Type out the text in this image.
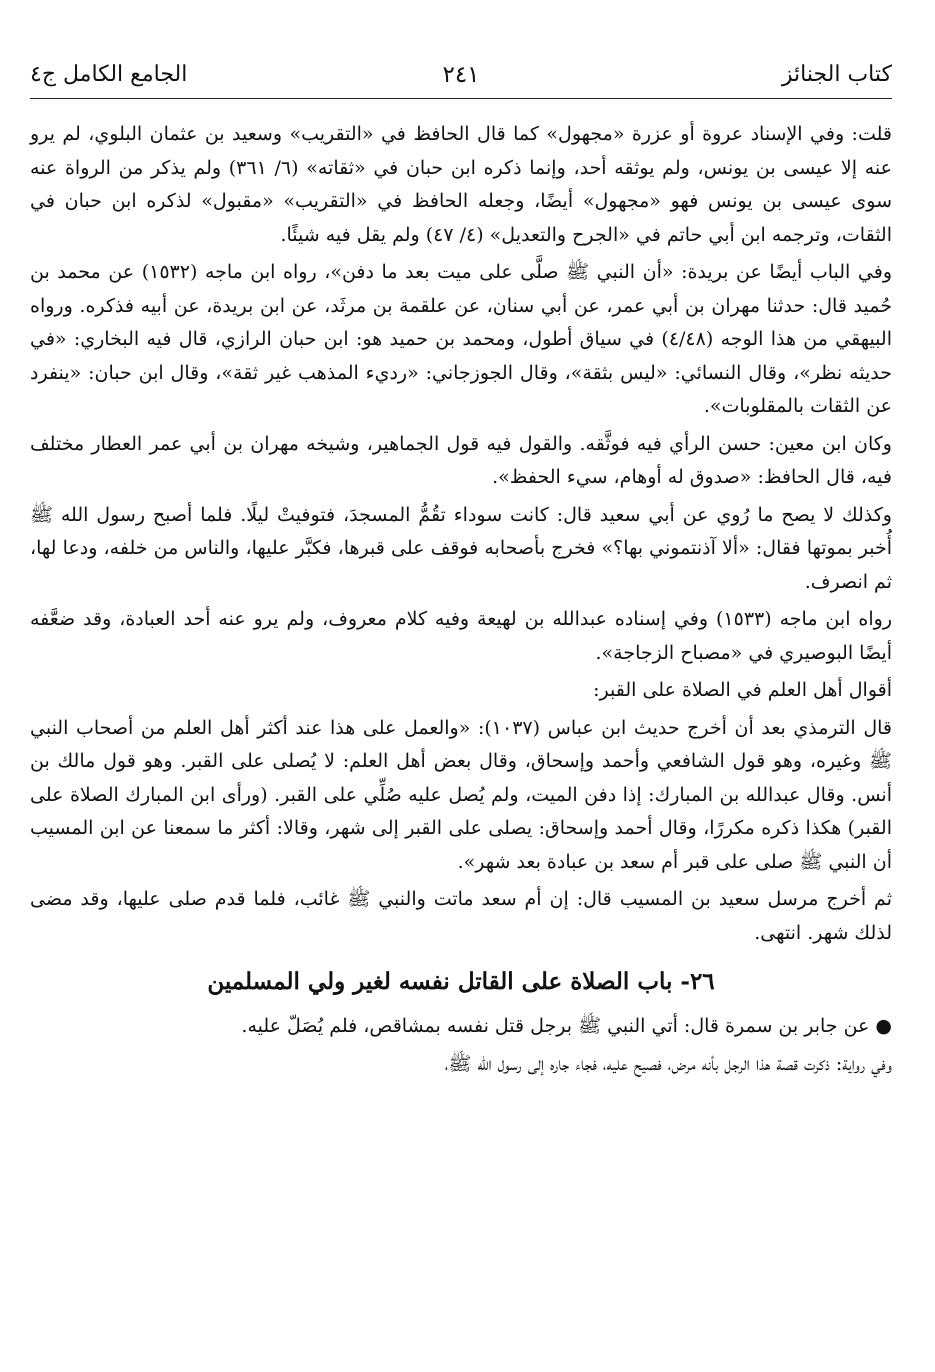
كتاب الجنائز
٢٤١
الجامع الكامل ج٤

قلت: وفي الإسناد عروة أو عزرة «مجهول» كما قال الحافظ في «التقريب» وسعيد بن عثمان البلوي، لم يرو عنه إلا عيسى بن يونس، ولم يوثقه أحد، وإنما ذكره ابن حبان في «ثقاته» (٦/ ٣٦١) ولم يذكر من الرواة عنه سوى عيسى بن يونس فهو «مجهول» أيضًا، وجعله الحافظ في «التقريب» «مقبول» لذكره ابن حبان في الثقات، وترجمه ابن أبي حاتم في «الجرح والتعديل» (٤/ ٤٧) ولم يقل فيه شيئًا.

وفي الباب أيضًا عن بريدة: «أن النبي ﷺ صلَّى على ميت بعد ما دفن»، رواه ابن ماجه (١٥٣٢) عن محمد بن حُميد قال: حدثنا مهران بن أبي عمر، عن أبي سنان، عن علقمة بن مرثَد، عن ابن بريدة، عن أبيه فذكره. ورواه البيهقي من هذا الوجه (٤/٤٨) في سياق أطول، ومحمد بن حميد هو: ابن حبان الرازي، قال فيه البخاري: «في حديثه نظر»، وقال النسائي: «ليس بثقة»، وقال الجوزجاني: «رديء المذهب غير ثقة»، وقال ابن حبان: «ينفرد عن الثقات بالمقلوبات».

وكان ابن معين: حسن الرأي فيه فوثَّقه. والقول فيه قول الجماهير، وشيخه مهران بن أبي عمر العطار مختلف فيه، قال الحافظ: «صدوق له أوهام، سيء الحفظ».

وكذلك لا يصح ما رُوي عن أبي سعيد قال: كانت سوداء تقُمُّ المسجدَ، فتوفيتْ ليلًا. فلما أصبح رسول الله ﷺ أُخبر بموتها فقال: «ألا آذنتموني بها؟» فخرج بأصحابه فوقف على قبرها، فكبَّر عليها، والناس من خلفه، ودعا لها، ثم انصرف.

رواه ابن ماجه (١٥٣٣) وفي إسناده عبدالله بن لهيعة وفيه كلام معروف، ولم يرو عنه أحد العبادة، وقد ضعَّفه أيضًا البوصيري في «مصباح الزجاجة».

أقوال أهل العلم في الصلاة على القبر:

قال الترمذي بعد أن أخرج حديث ابن عباس (١٠٣٧): «والعمل على هذا عند أكثر أهل العلم من أصحاب النبي ﷺ وغيره، وهو قول الشافعي وأحمد وإسحاق، وقال بعض أهل العلم: لا يُصلى على القبر. وهو قول مالك بن أنس. وقال عبدالله بن المبارك: إذا دفن الميت، ولم يُصل عليه صُلِّي على القبر. (ورأى ابن المبارك الصلاة على القبر) هكذا ذكره مكررًا، وقال أحمد وإسحاق: يصلى على القبر إلى شهر، وقالا: أكثر ما سمعنا عن ابن المسيب أن النبي ﷺ صلى على قبر أم سعد بن عبادة بعد شهر».

ثم أخرج مرسل سعيد بن المسيب قال: إن أم سعد ماتت والنبي ﷺ غائب، فلما قدم صلى عليها، وقد مضى لذلك شهر. انتهى.

٢٦- باب الصلاة على القاتل نفسه لغير ولي المسلمين

● عن جابر بن سمرة قال: أتي النبي ﷺ برجل قتل نفسه بمشاقص، فلم يُصَلّ عليه.

وفي رواية: ذكرت قصة هذا الرجل بأنه مرض، فصيح عليه، فجاء جاره إلى رسول الله ﷺ،
